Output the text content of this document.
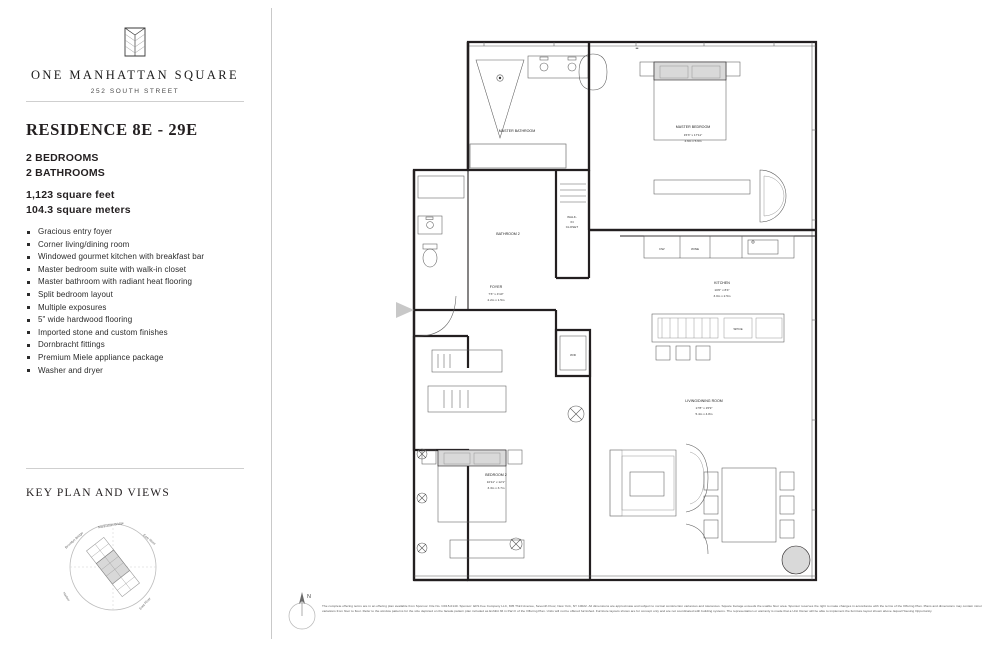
ONE MANHATTAN SQUARE
252 SOUTH STREET
RESIDENCE 8E - 29E
2 BEDROOMS
2 BATHROOMS
1,123 square feet
104.3 square meters
Gracious entry foyer
Corner living/dining room
Windowed gourmet kitchen with breakfast bar
Master bedroom suite with walk-in closet
Master bathroom with radiant heat flooring
Split bedroom layout
Multiple exposures
5" wide hardwood flooring
Imported stone and custom finishes
Dornbracht fittings
Premium Miele appliance package
Washer and dryer
KEY PLAN AND VIEWS
Brooklyn Bridge
Manhattan Bridge
East River
Harbor	East River	N
MASTER BATHROOM
MASTER BEDROOM
15'3" x 17'11"
4.6m x 5.6m
WALK-
IN
CLOSET
BATHROOM 2
FOYER
7'3" x 4'10"
2.2m x 1.5m
W/D
DW	WINE
SPICE
KITCHEN
10'0" x 8'4"
3.0m x 2.5m
LIVING/DINING ROOM
17'8" x 15'9"
5.4m x 4.8m
BEDROOM 2
10'11" x 12'1"
3.3m x 3.7m
The complete offering terms are in an offering plan available from Sponsor. File No. CD15-0140. Sponsor: EFS Fee Company LLC, 805 Third Avenue, Seventh Floor, New York, NY 10022. All dimensions are approximate and subject to normal construction variances and tolerances. Square footage exceeds the usable floor area. Sponsor reserves the right to make changes in accordance with the terms of the Offering Plan. Plans and dimensions may contain minor variations from floor to floor. Refer to the window patterns for the size depicted on the facade pattern plan included as Exhibit 36 in Part II of the Offering Plan. Units will not be offered furnished. Furniture layouts shown are for concept only and are not coordinated with building systems. The representation or warranty is made that a Unit Owner will be able to implement the furniture layout shown above. Equal Housing Opportunity.
